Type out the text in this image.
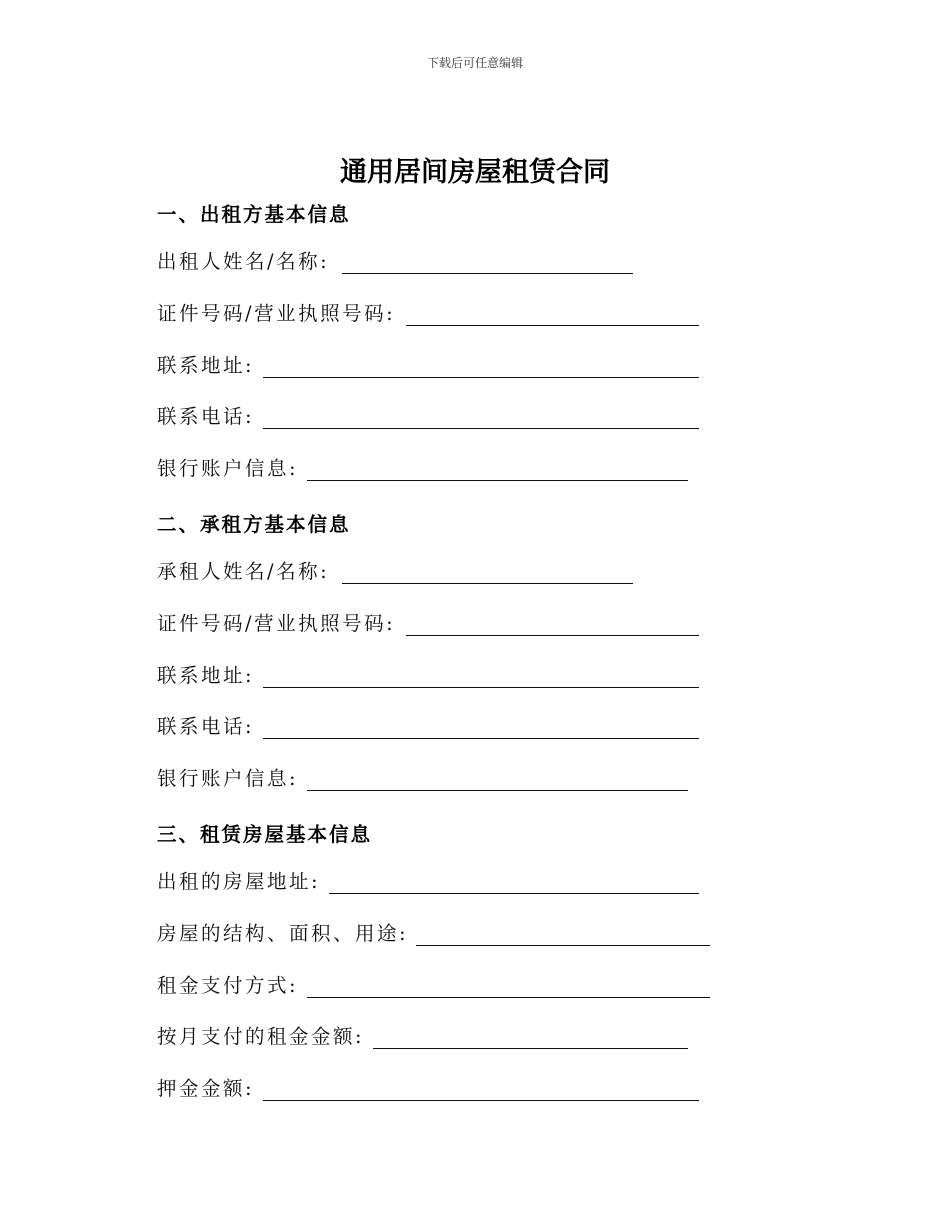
下载后可任意编辑
通用居间房屋租赁合同
一、出租方基本信息
出租人姓名/名称:
证件号码/营业执照号码:
联系地址:
联系电话:
银行账户信息:
二、承租方基本信息
承租人姓名/名称:
证件号码/营业执照号码:
联系地址:
联系电话:
银行账户信息:
三、租赁房屋基本信息
出租的房屋地址:
房屋的结构、面积、用途:
租金支付方式:
按月支付的租金金额:
押金金额:
